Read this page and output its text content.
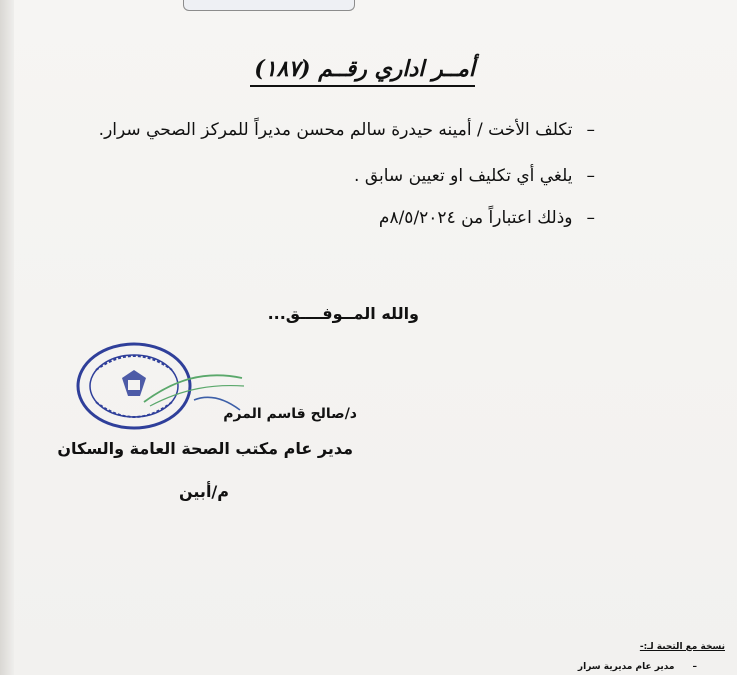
أمــر اداري رقــم (١٨٧)
–تكلف الأخت / أمينه حيدرة سالم محسن مديراً للمركز الصحي سرار.
–يلغي أي تكليف او تعيين سابق .
–وذلك اعتباراً من ٨/٥/٢٠٢٤م
والله المــوفــــق...
د/صالح قاسم المرم
مدير عام مكتب الصحة العامة والسكان
م/أبين
نسخة مع التحية لـ:-
–مدير عام مديرية سرار
